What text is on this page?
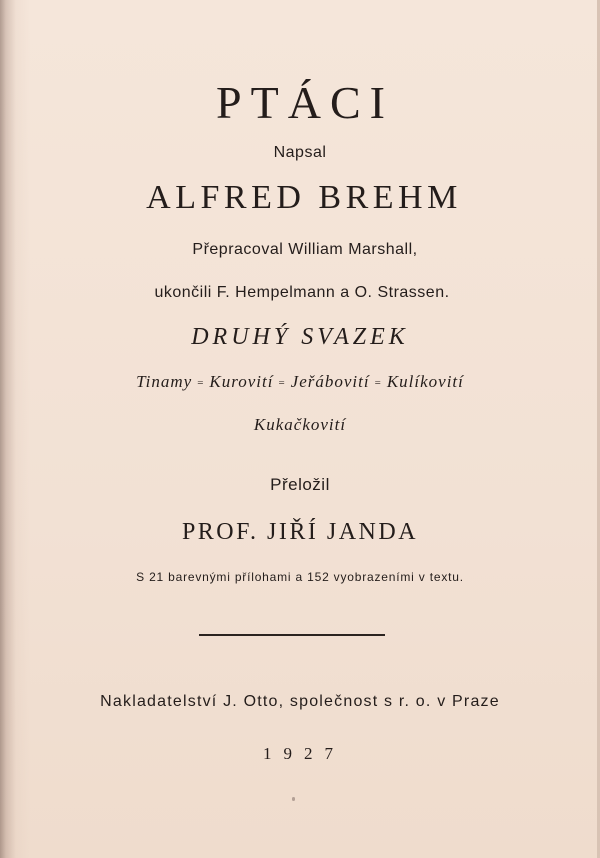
PTÁCI
Napsal
ALFRED BREHM
Přepracoval William Marshall,
ukončili F. Hempelmann a O. Strassen.
DRUHÝ SVAZEK
Tinamy = Kurovití = Jeřábovití = Kulíkovití
Kukačkovití
Přeložil
PROF. JIŘÍ JANDA
S 21 barevnými přílohami a 152 vyobrazeními v textu.
Nakladatelství J. Otto, společnost s r. o. v Praze
1927
